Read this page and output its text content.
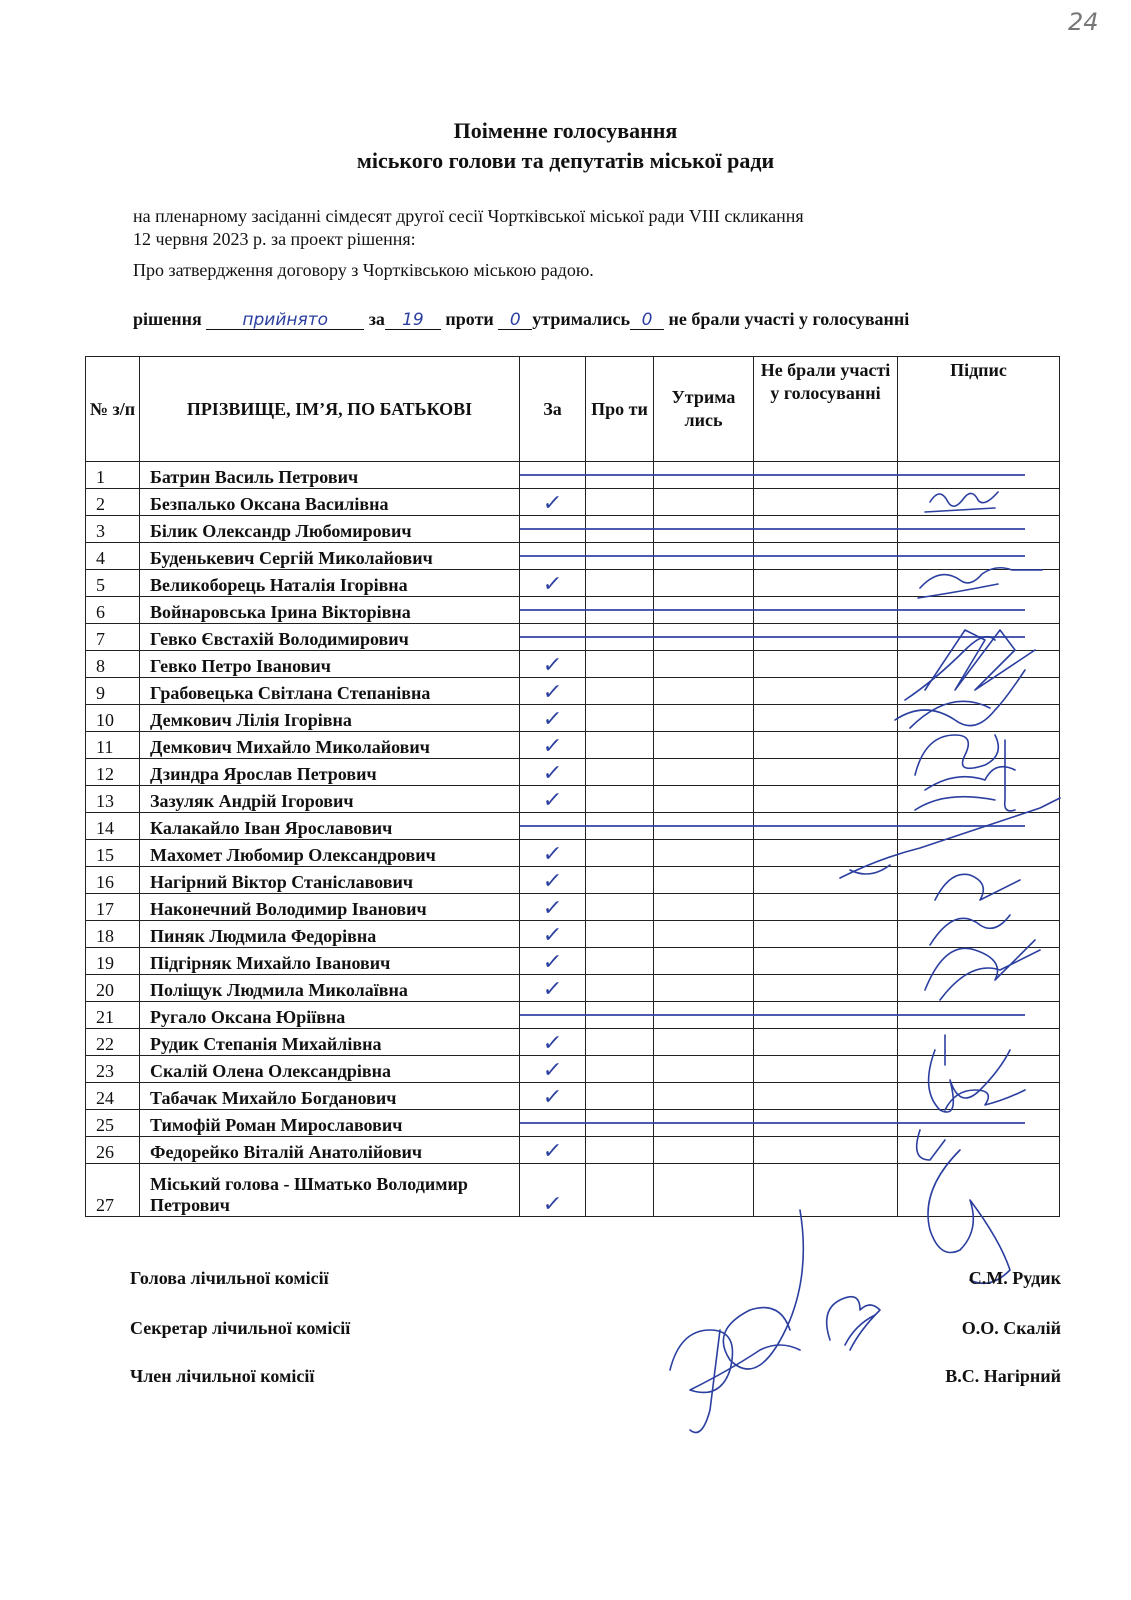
24
Поіменне голосування
міського голови та депутатів міської ради
на пленарному засіданні сімдесят другої сесії Чортківської міської ради VIII скликання
12 червня 2023 р. за проект рішення:
Про затвердження договору з Чортківською міською радою.
рішення прийнято за 19 проти 0 утримались 0 не брали участі у голосуванні
№ з/п	ПРІЗВИЩЕ, ІМ’Я, ПО БАТЬКОВІ	За	Про ти	Утрима лись	Не брали участі у голосуванні	Підпис
1	Батрин Василь Петрович					
2	Безпалько Оксана Василівна	✓				
3	Білик Олександр Любомирович					
4	Буденькевич Сергій Миколайович					
5	Великоборець Наталія Ігорівна	✓				
6	Войнаровська Ірина Вікторівна					
7	Гевко Євстахій Володимирович					
8	Гевко Петро Іванович	✓				
9	Грабовецька Світлана Степанівна	✓				
10	Демкович Лілія Ігорівна	✓				
11	Демкович Михайло Миколайович	✓				
12	Дзиндра Ярослав Петрович	✓				
13	Зазуляк Андрій Ігорович	✓				
14	Калакайло Іван Ярославович					
15	Махомет Любомир Олександрович	✓				
16	Нагірний Віктор Станіславович	✓				
17	Наконечний Володимир Іванович	✓				
18	Пиняк Людмила Федорівна	✓				
19	Підгірняк Михайло Іванович	✓				
20	Поліщук Людмила Миколаївна	✓				
21	Ругало Оксана Юріївна					
22	Рудик Степанія Михайлівна	✓				
23	Скалій Олена Олександрівна	✓				
24	Табачак Михайло Богданович	✓				
25	Тимофій Роман Мирославович					
26	Федорейко Віталій Анатолійович	✓				
27	Міський голова - Шматько Володимир Петрович	✓				
Голова лічильної комісії	С.М. Рудик
Секретар лічильної комісії	О.О. Скалій
Член лічильної комісії	В.С. Нагірний
